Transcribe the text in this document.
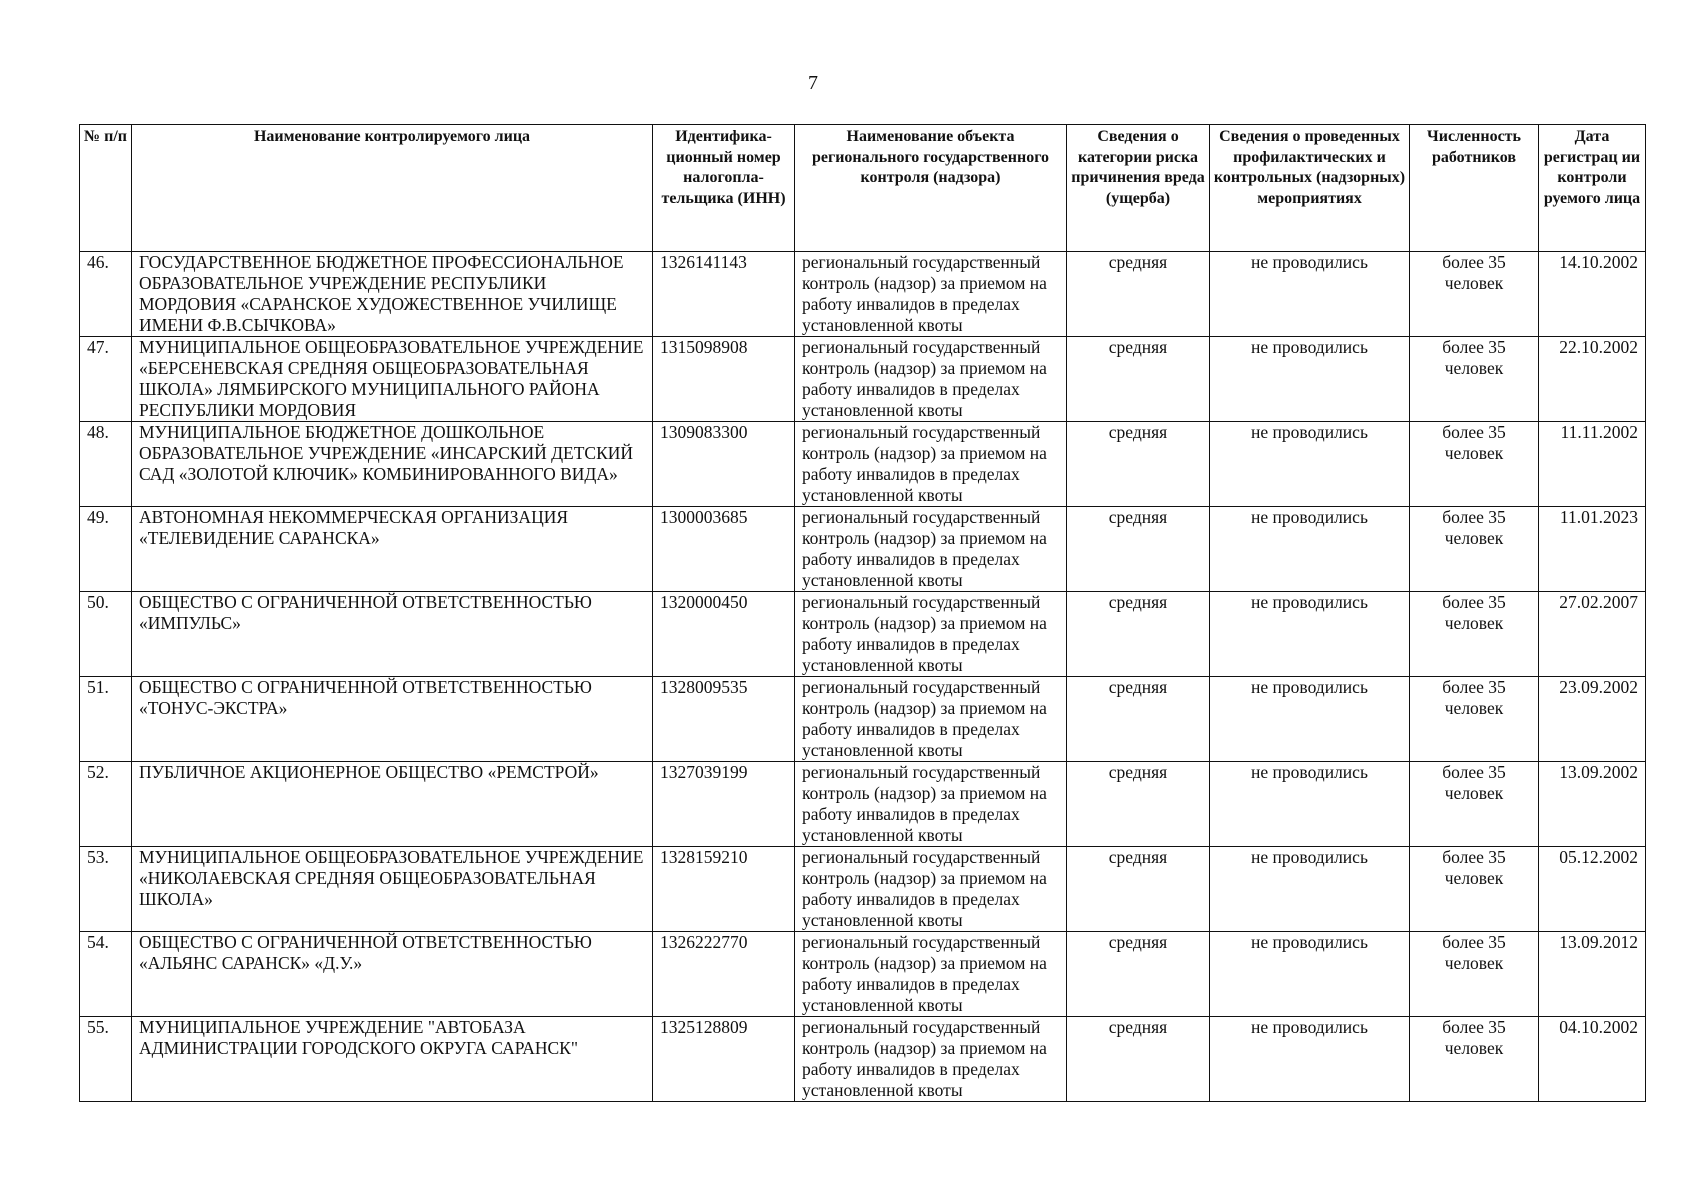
7
№ п/п	Наименование контролируемого лица	Идентифика-ционный номер налогопла-тельщика (ИНН)	Наименование объекта регионального государственного контроля (надзора)	Сведения о категории риска причинения вреда (ущерба)	Сведения о проведенных профилактических и контрольных (надзорных) мероприятиях	Численность работников	Дата регистрац ии контроли руемого лица
46.	ГОСУДАРСТВЕННОЕ БЮДЖЕТНОЕ ПРОФЕССИОНАЛЬНОЕ ОБРАЗОВАТЕЛЬНОЕ УЧРЕЖДЕНИЕ РЕСПУБЛИКИ МОРДОВИЯ «САРАНСКОЕ ХУДОЖЕСТВЕННОЕ УЧИЛИЩЕ ИМЕНИ Ф.В.СЫЧКОВА»	1326141143	региональный государственный контроль (надзор) за приемом на работу инвалидов в пределах установленной квоты	средняя	не проводились	более 35 человек	14.10.2002
47.	МУНИЦИПАЛЬНОЕ ОБЩЕОБРАЗОВАТЕЛЬНОЕ УЧРЕЖДЕНИЕ «БЕРСЕНЕВСКАЯ СРЕДНЯЯ ОБЩЕОБРАЗОВАТЕЛЬНАЯ ШКОЛА» ЛЯМБИРСКОГО МУНИЦИПАЛЬНОГО РАЙОНА РЕСПУБЛИКИ МОРДОВИЯ	1315098908	региональный государственный контроль (надзор) за приемом на работу инвалидов в пределах установленной квоты	средняя	не проводились	более 35 человек	22.10.2002
48.	МУНИЦИПАЛЬНОЕ БЮДЖЕТНОЕ ДОШКОЛЬНОЕ ОБРАЗОВАТЕЛЬНОЕ УЧРЕЖДЕНИЕ «ИНСАРСКИЙ ДЕТСКИЙ САД «ЗОЛОТОЙ КЛЮЧИК» КОМБИНИРОВАННОГО ВИДА»	1309083300	региональный государственный контроль (надзор) за приемом на работу инвалидов в пределах установленной квоты	средняя	не проводились	более 35 человек	11.11.2002
49.	АВТОНОМНАЯ НЕКОММЕРЧЕСКАЯ ОРГАНИЗАЦИЯ «ТЕЛЕВИДЕНИЕ САРАНСКА»	1300003685	региональный государственный контроль (надзор) за приемом на работу инвалидов в пределах установленной квоты	средняя	не проводились	более 35 человек	11.01.2023
50.	ОБЩЕСТВО С ОГРАНИЧЕННОЙ ОТВЕТСТВЕННОСТЬЮ «ИМПУЛЬС»	1320000450	региональный государственный контроль (надзор) за приемом на работу инвалидов в пределах установленной квоты	средняя	не проводились	более 35 человек	27.02.2007
51.	ОБЩЕСТВО С ОГРАНИЧЕННОЙ ОТВЕТСТВЕННОСТЬЮ «ТОНУС-ЭКСТРА»	1328009535	региональный государственный контроль (надзор) за приемом на работу инвалидов в пределах установленной квоты	средняя	не проводились	более 35 человек	23.09.2002
52.	ПУБЛИЧНОЕ АКЦИОНЕРНОЕ ОБЩЕСТВО «РЕМСТРОЙ»	1327039199	региональный государственный контроль (надзор) за приемом на работу инвалидов в пределах установленной квоты	средняя	не проводились	более 35 человек	13.09.2002
53.	МУНИЦИПАЛЬНОЕ ОБЩЕОБРАЗОВАТЕЛЬНОЕ УЧРЕЖДЕНИЕ «НИКОЛАЕВСКАЯ СРЕДНЯЯ ОБЩЕОБРАЗОВАТЕЛЬНАЯ ШКОЛА»	1328159210	региональный государственный контроль (надзор) за приемом на работу инвалидов в пределах установленной квоты	средняя	не проводились	более 35 человек	05.12.2002
54.	ОБЩЕСТВО С ОГРАНИЧЕННОЙ ОТВЕТСТВЕННОСТЬЮ «АЛЬЯНС САРАНСК» «Д.У.»	1326222770	региональный государственный контроль (надзор) за приемом на работу инвалидов в пределах установленной квоты	средняя	не проводились	более 35 человек	13.09.2012
55.	МУНИЦИПАЛЬНОЕ УЧРЕЖДЕНИЕ "АВТОБАЗА АДМИНИСТРАЦИИ ГОРОДСКОГО ОКРУГА САРАНСК"	1325128809	региональный государственный контроль (надзор) за приемом на работу инвалидов в пределах установленной квоты	средняя	не проводились	более 35 человек	04.10.2002
